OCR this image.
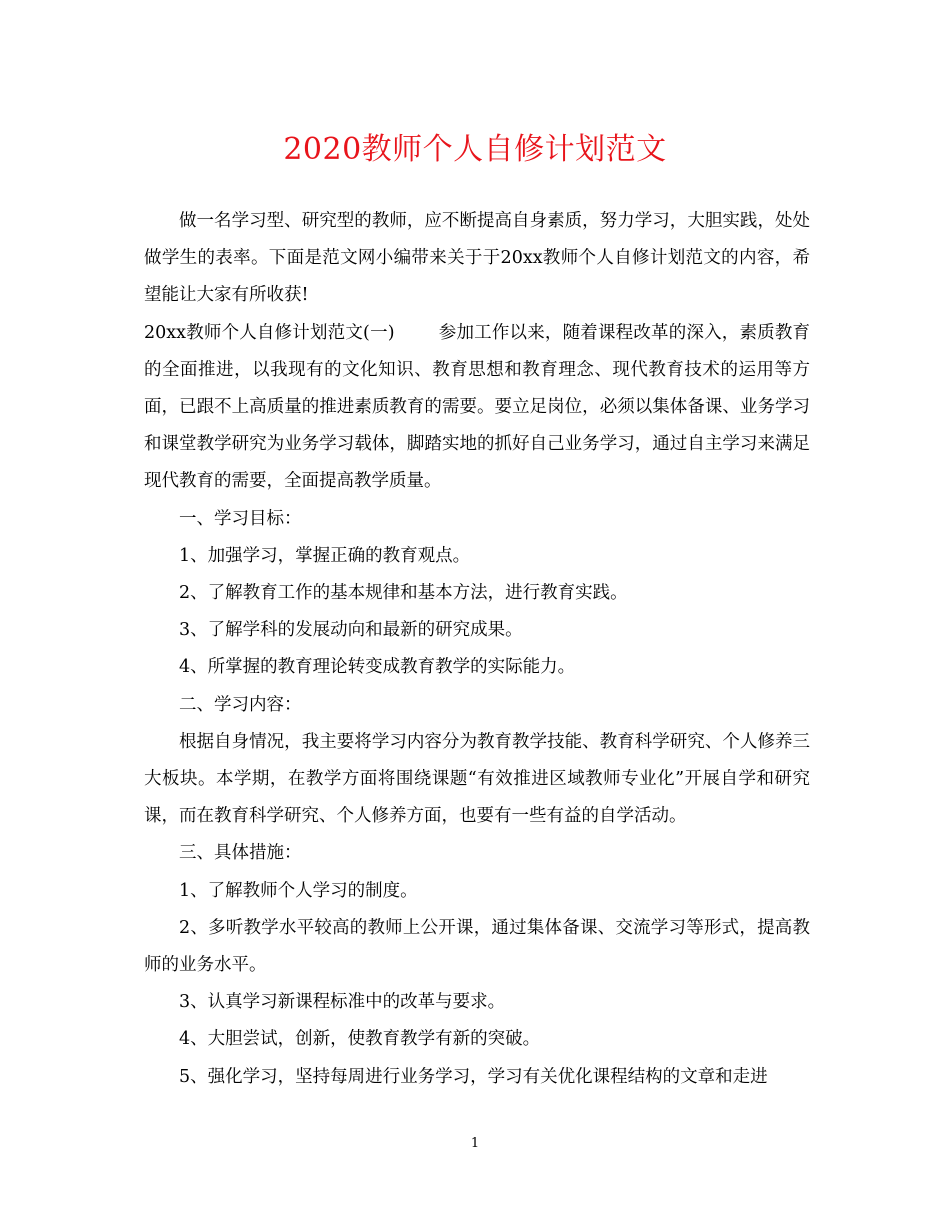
2020教师个人自修计划范文

做一名学习型、研究型的教师，应不断提高自身素质，努力学习，大胆实践，处处做学生的表率。下面是范文网小编带来关于于20xx教师个人自修计划范文的内容，希望能让大家有所收获!

20xx教师个人自修计划范文(一)	参加工作以来，随着课程改革的深入，素质教育的全面推进，以我现有的文化知识、教育思想和教育理念、现代教育技术的运用等方面，已跟不上高质量的推进素质教育的需要。要立足岗位，必须以集体备课、业务学习和课堂教学研究为业务学习载体，脚踏实地的抓好自己业务学习，通过自主学习来满足现代教育的需要，全面提高教学质量。

一、学习目标：

1、加强学习，掌握正确的教育观点。

2、了解教育工作的基本规律和基本方法，进行教育实践。

3、了解学科的发展动向和最新的研究成果。

4、所掌握的教育理论转变成教育教学的实际能力。

二、学习内容：

根据自身情况，我主要将学习内容分为教育教学技能、教育科学研究、个人修养三大板块。本学期，在教学方面将围绕课题“有效推进区域教师专业化”开展自学和研究课，而在教育科学研究、个人修养方面，也要有一些有益的自学活动。

三、具体措施：

1、了解教师个人学习的制度。

2、多听教学水平较高的教师上公开课，通过集体备课、交流学习等形式，提高教师的业务水平。

3、认真学习新课程标准中的改革与要求。

4、大胆尝试，创新，使教育教学有新的突破。

5、强化学习，坚持每周进行业务学习，学习有关优化课程结构的文章和走进

1
